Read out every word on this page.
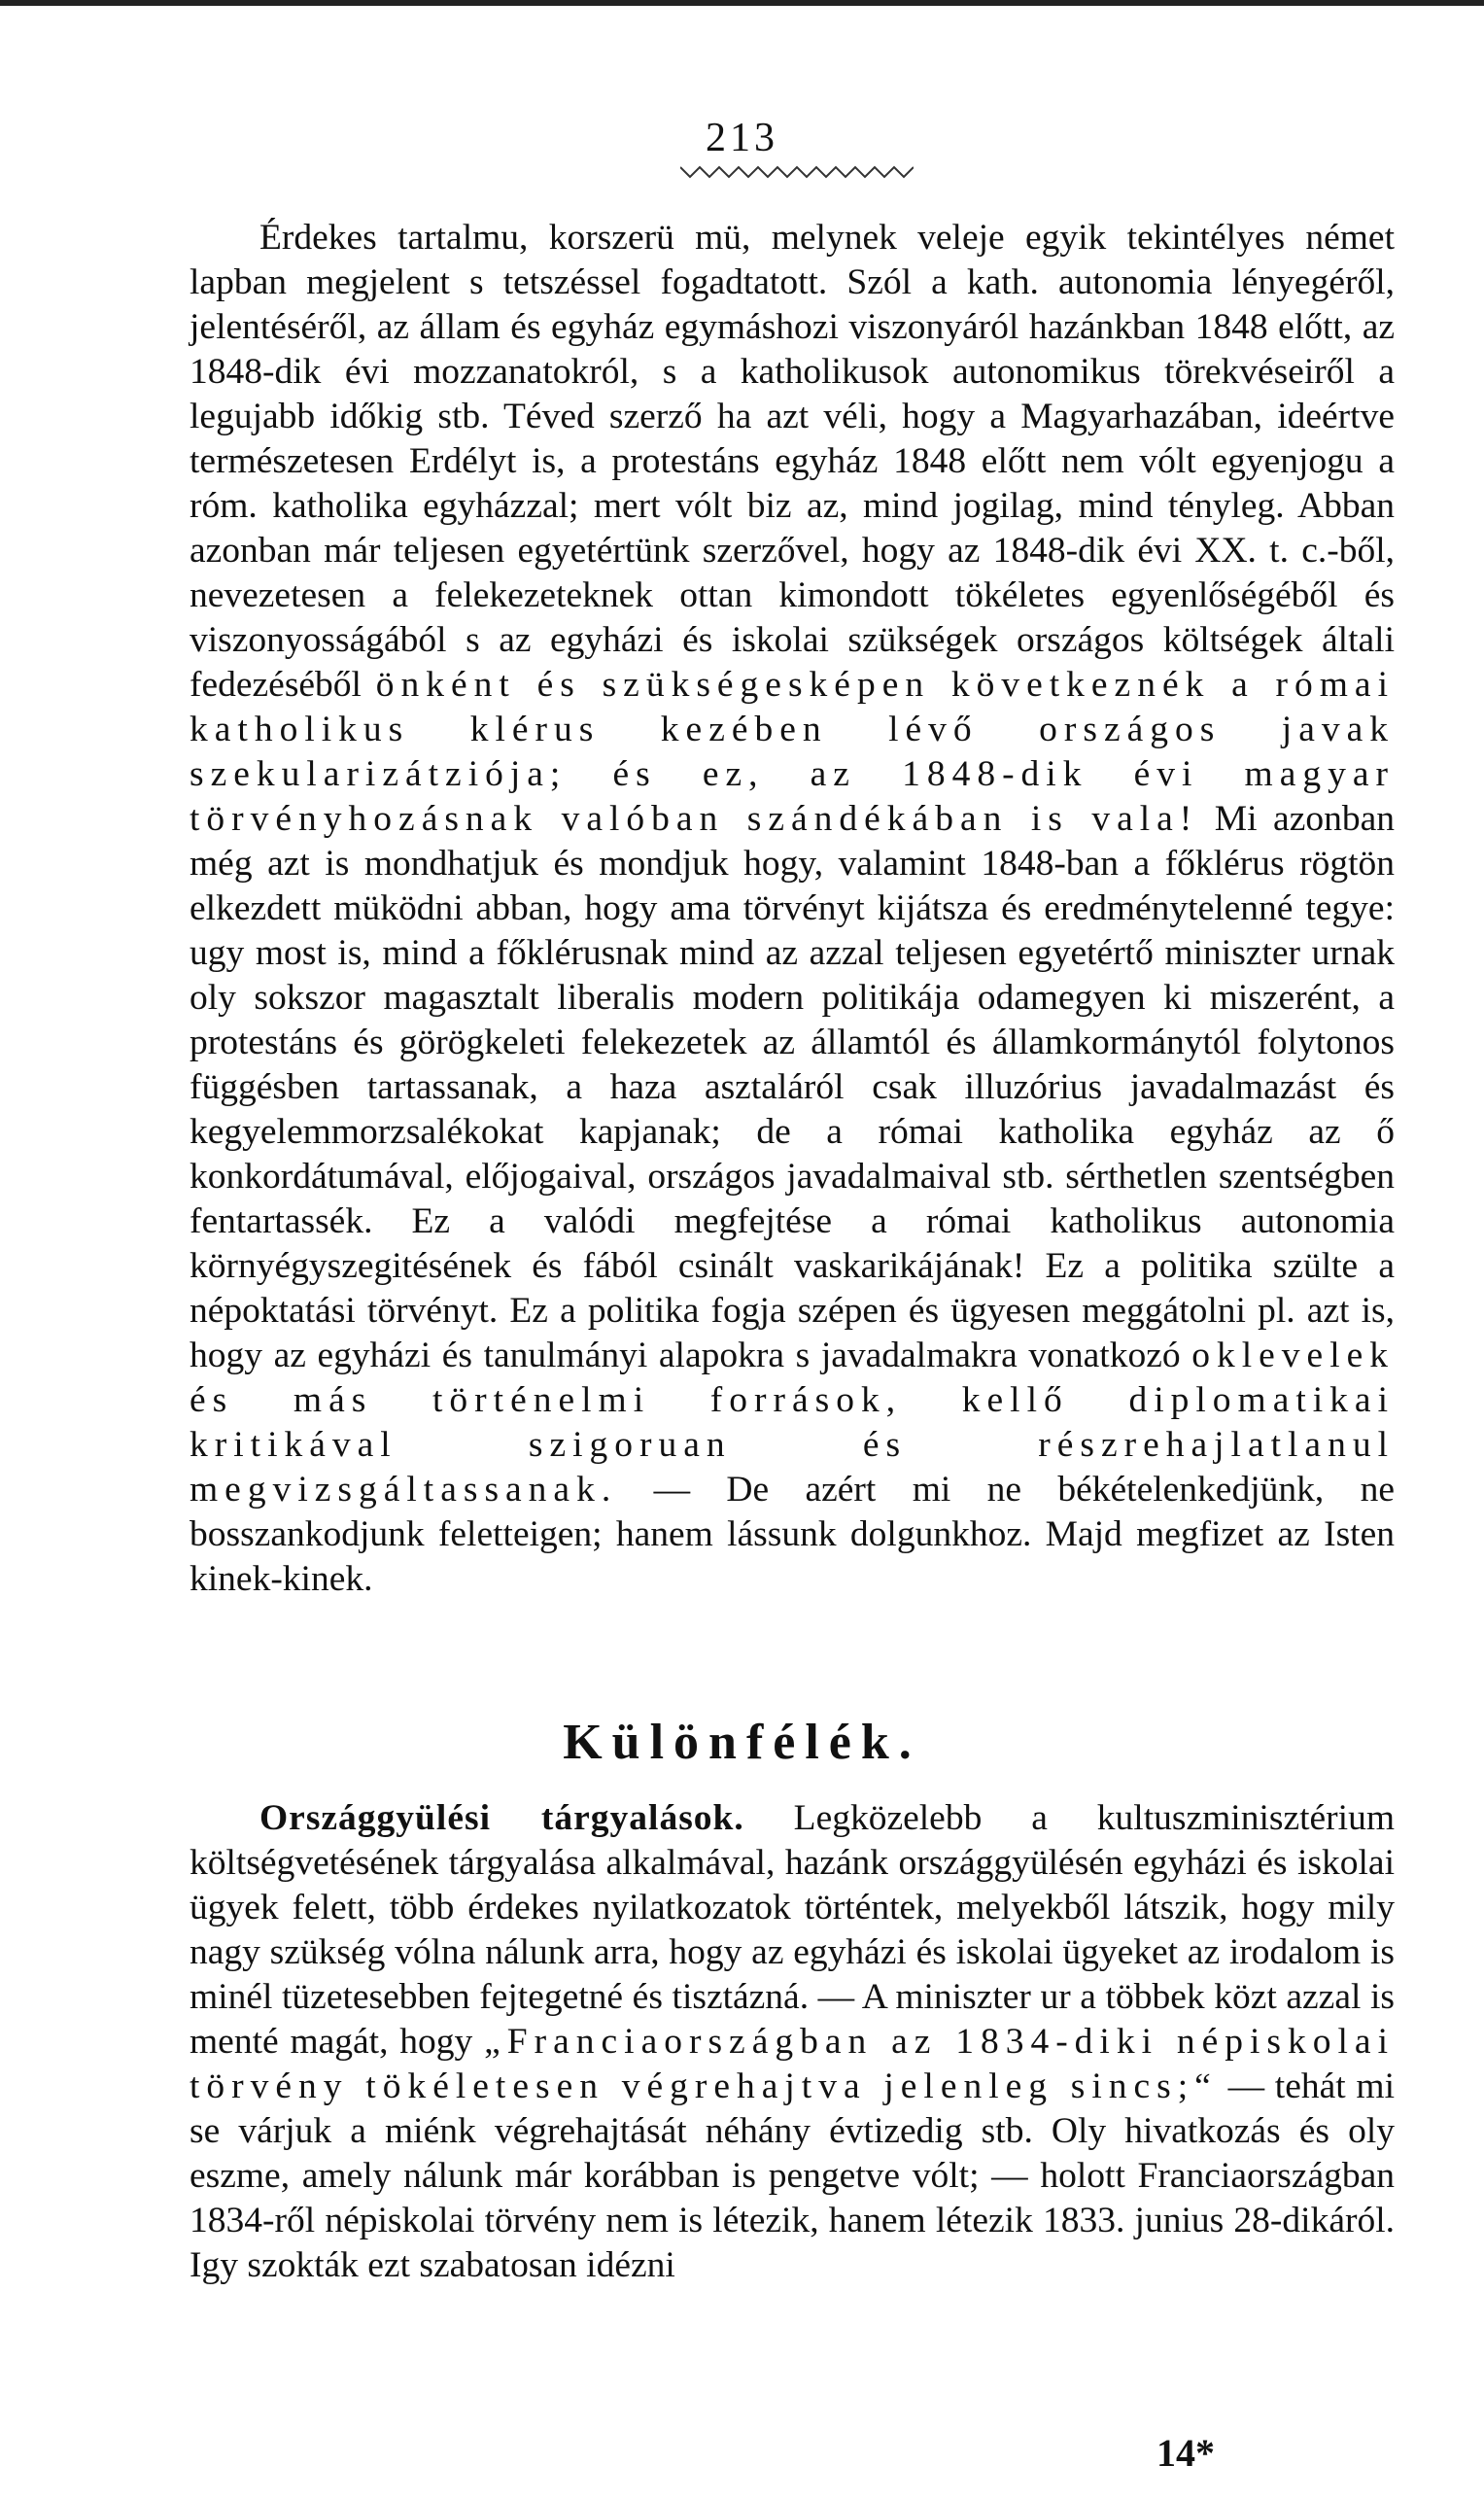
213

Érdekes tartalmu, korszerü mü, melynek veleje egyik tekintélyes német lapban megjelent s tetszéssel fogadtatott. Szól a kath. autonomia lényegéről, jelentéséről, az állam és egyház egymáshozi viszonyáról hazánkban 1848 előtt, az 1848-dik évi mozzanatokról, s a katholikusok autonomikus törekvéseiről a legujabb időkig stb. Téved szerző ha azt véli, hogy a Magyarhazában, ideértve természetesen Erdélyt is, a protestáns egyház 1848 előtt nem vólt egyenjogu a róm. katholika egyházzal; mert vólt biz az, mind jogilag, mind tényleg. Abban azonban már teljesen egyetértünk szerzővel, hogy az 1848-dik évi XX. t. c.-ből, nevezetesen a felekezeteknek ottan kimondott tökéletes egyenlőségéből és viszonyosságából s az egyházi és iskolai szükségek országos költségek általi fedezéséből önként és szükségesképen következnék a római katholikus klérus kezében lévő országos javak szekularizátziója; és ez, az 1848-dik évi magyar törvényhozásnak valóban szándékában is vala! Mi azonban még azt is mondhatjuk és mondjuk hogy, valamint 1848-ban a főklérus rögtön elkezdett müködni abban, hogy ama törvényt kijátsza és eredménytelenné tegye: ugy most is, mind a főklérusnak mind az azzal teljesen egyetértő miniszter urnak oly sokszor magasztalt liberalis modern politikája odamegyen ki miszerént, a protestáns és görögkeleti felekezetek az államtól és államkormánytól folytonos függésben tartassanak, a haza asztaláról csak illuzórius javadalmazást és kegyelemmorzsalékokat kapjanak; de a római katholika egyház az ő konkordátumával, előjogaival, országos javadalmaival stb. sérthetlen szentségben fentartassék. Ez a valódi megfejtése a római katholikus autonomia környégyszegitésének és fából csinált vaskarikájának! Ez a politika szülte a népoktatási törvényt. Ez a politika fogja szépen és ügyesen meggátolni pl. azt is, hogy az egyházi és tanulmányi alapokra s javadalmakra vonatkozó oklevelek és más történelmi források, kellő diplomatikai kritikával szigoruan és részrehajlatlanul megvizsgáltassanak. — De azért mi ne békételenkedjünk, ne bosszankodjunk feletteigen; hanem lássunk dolgunkhoz. Majd megfizet az Isten kinek-kinek.

Különfélék.

Országgyülési tárgyalások. Legközelebb a kultuszminisztérium költségvetésének tárgyalása alkalmával, hazánk országgyülésén egyházi és iskolai ügyek felett, több érdekes nyilatkozatok történtek, melyekből látszik, hogy mily nagy szükség vólna nálunk arra, hogy az egyházi és iskolai ügyeket az irodalom is minél tüzetesebben fejtegetné és tisztázná. — A miniszter ur a többek közt azzal is menté magát, hogy „Franciaországban az 1834-diki népiskolai törvény tökéletesen végrehajtva jelenleg sincs;“ — tehát mi se várjuk a miénk végrehajtását néhány évtizedig stb. Oly hivatkozás és oly eszme, amely nálunk már korábban is pengetve vólt; — holott Franciaországban 1834-ről népiskolai törvény nem is létezik, hanem létezik 1833. junius 28-dikáról. Igy szokták ezt szabatosan idézni

14*
